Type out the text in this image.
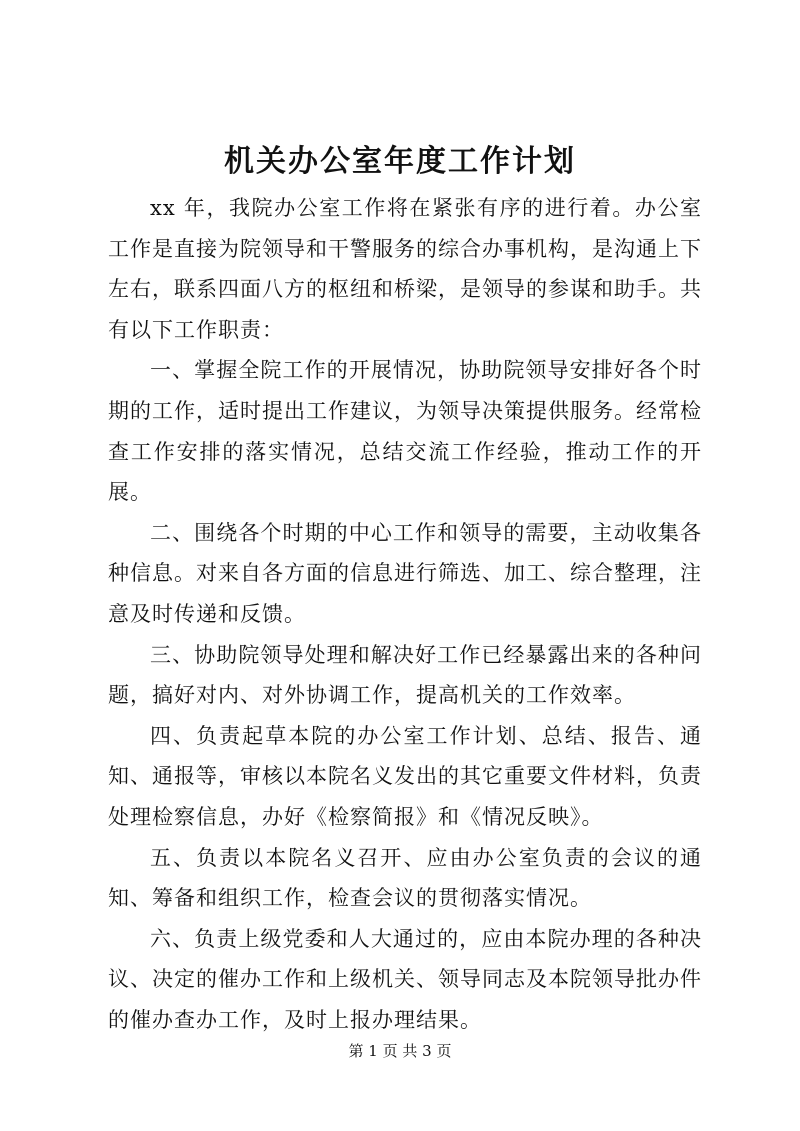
机关办公室年度工作计划

xx 年，我院办公室工作将在紧张有序的进行着。办公室工作是直接为院领导和干警服务的综合办事机构，是沟通上下左右，联系四面八方的枢纽和桥梁，是领导的参谋和助手。共有以下工作职责：

一、掌握全院工作的开展情况，协助院领导安排好各个时期的工作，适时提出工作建议，为领导决策提供服务。经常检查工作安排的落实情况，总结交流工作经验，推动工作的开展。

二、围绕各个时期的中心工作和领导的需要，主动收集各种信息。对来自各方面的信息进行筛选、加工、综合整理，注意及时传递和反馈。

三、协助院领导处理和解决好工作已经暴露出来的各种问题，搞好对内、对外协调工作，提高机关的工作效率。

四、负责起草本院的办公室工作计划、总结、报告、通知、通报等，审核以本院名义发出的其它重要文件材料，负责处理检察信息，办好《检察简报》和《情况反映》。

五、负责以本院名义召开、应由办公室负责的会议的通知、筹备和组织工作，检查会议的贯彻落实情况。

六、负责上级党委和人大通过的，应由本院办理的各种决议、决定的催办工作和上级机关、领导同志及本院领导批办件的催办查办工作，及时上报办理结果。

第 1 页 共 3 页
